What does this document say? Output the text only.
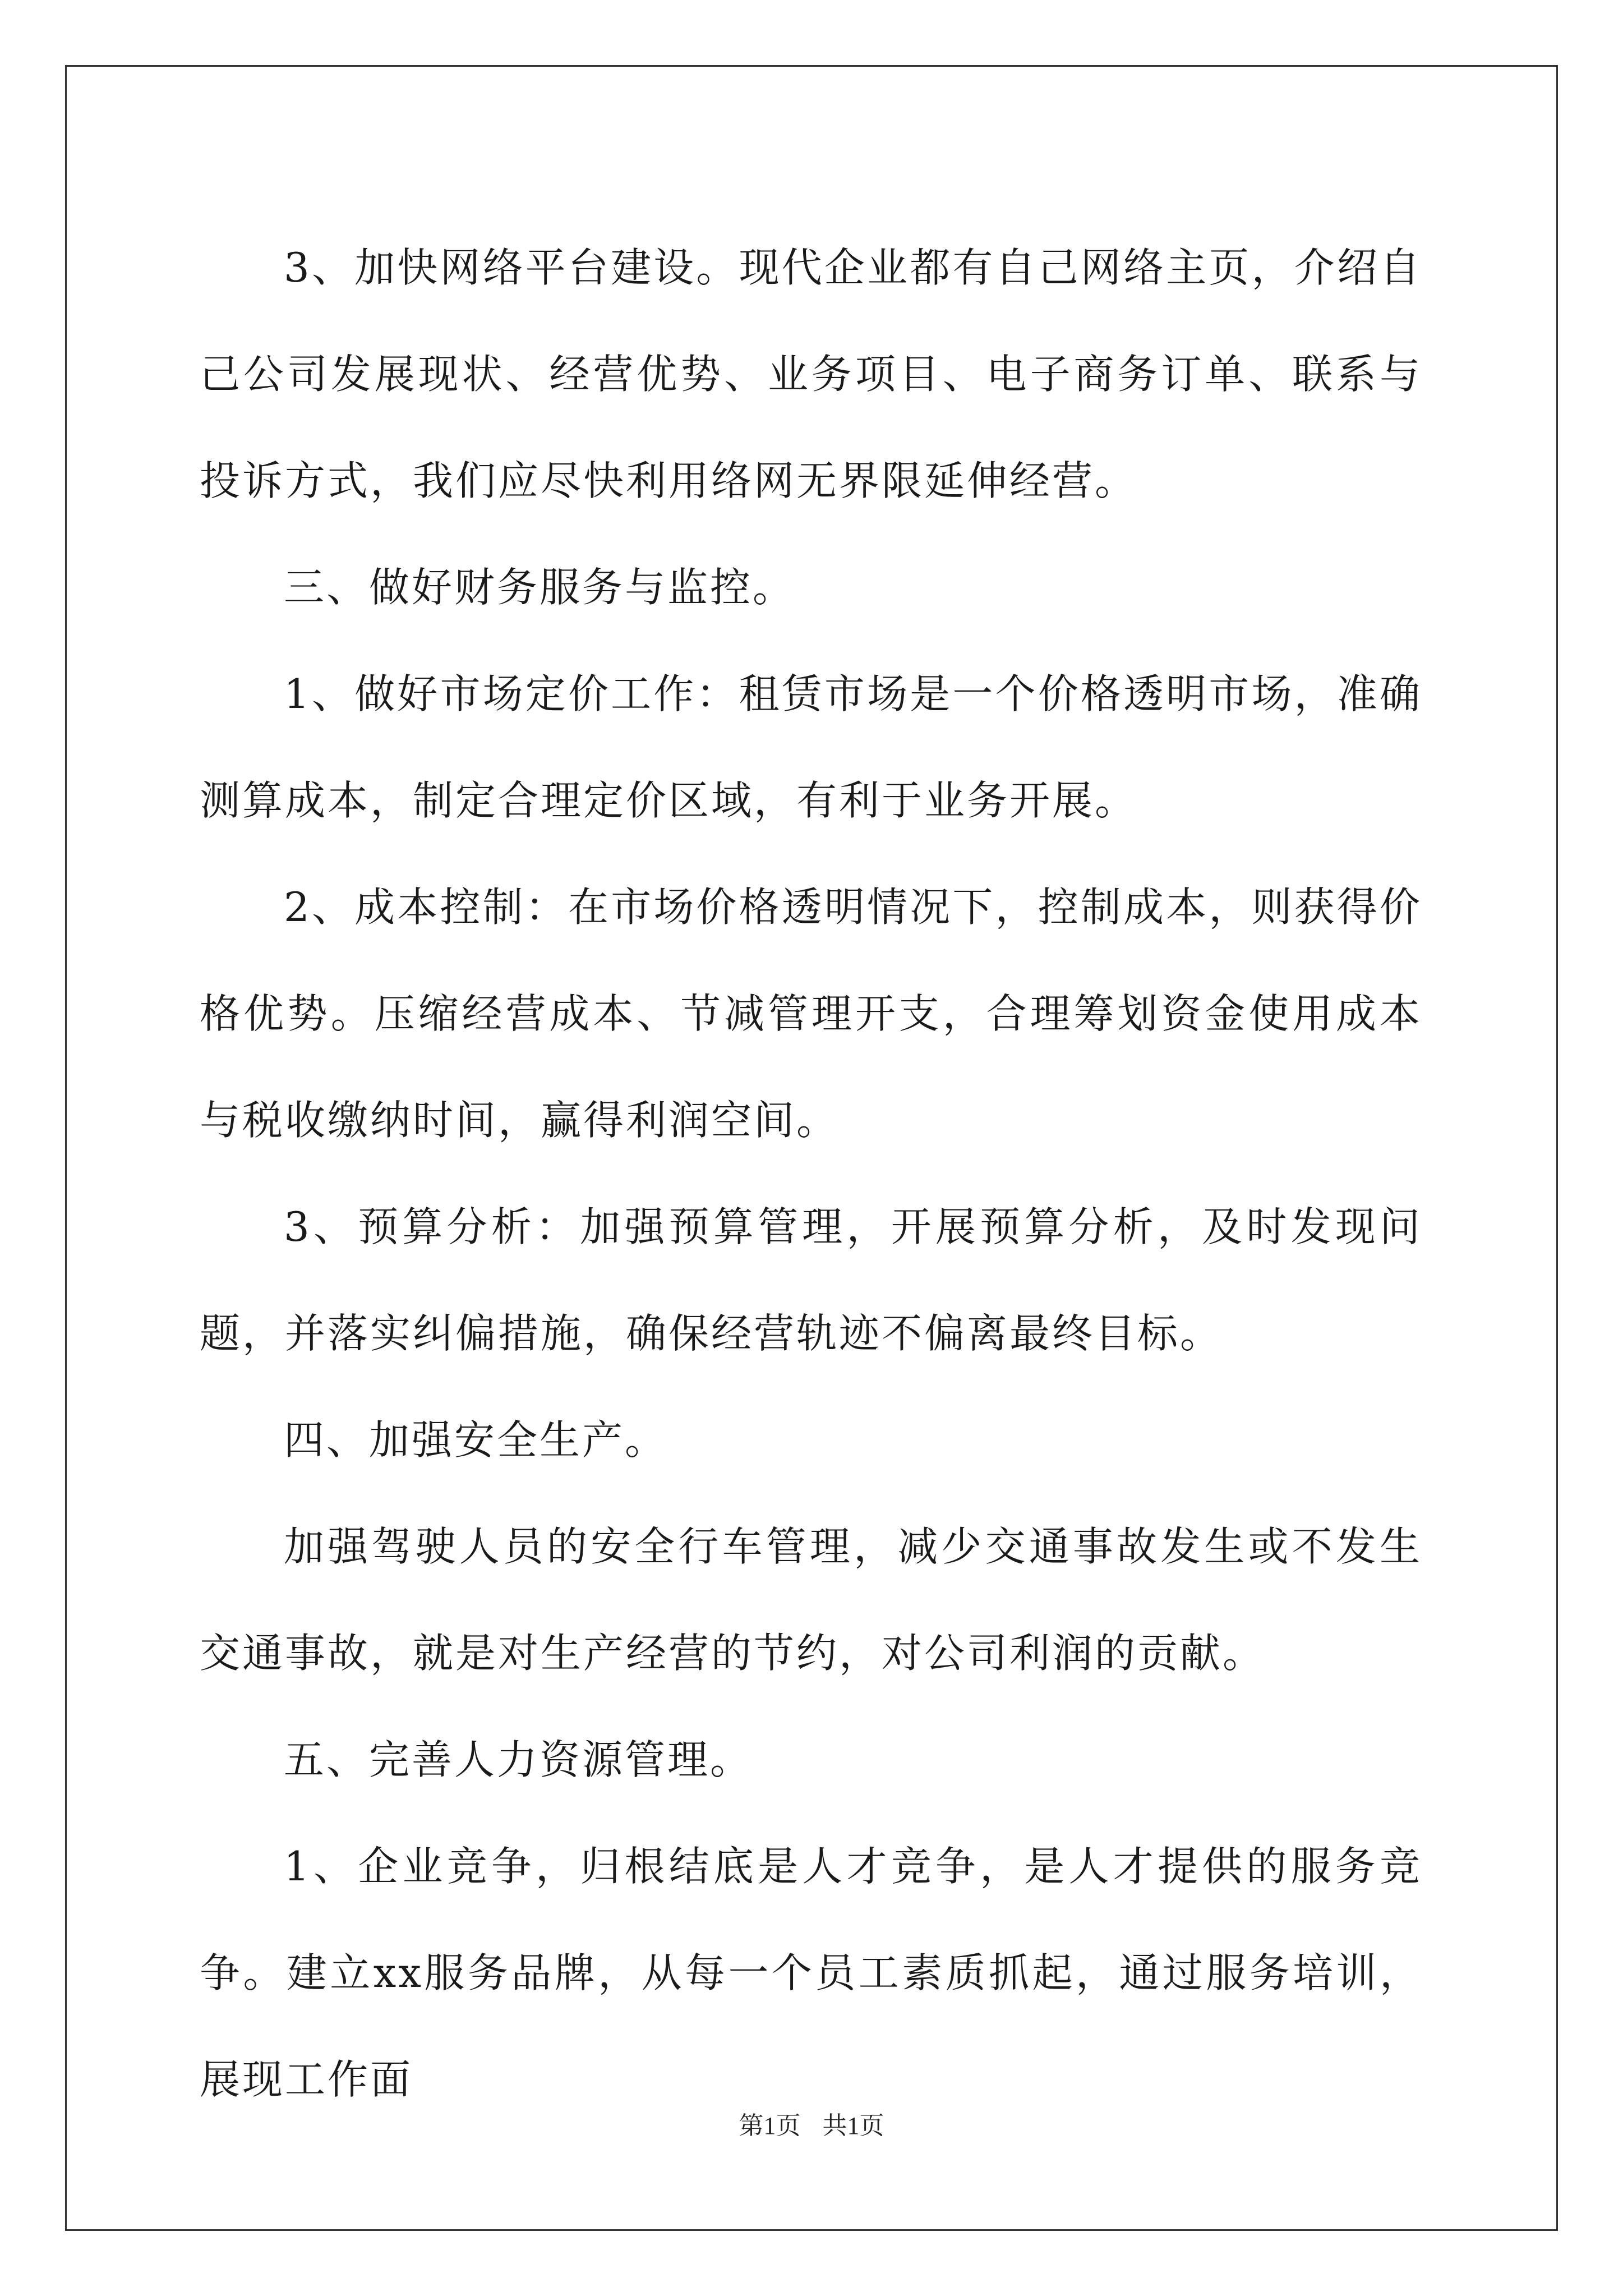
3、加快网络平台建设。现代企业都有自己网络主页，介绍自己公司发展现状、经营优势、业务项目、电子商务订单、联系与投诉方式，我们应尽快利用络网无界限延伸经营。

三、做好财务服务与监控。

1、做好市场定价工作：租赁市场是一个价格透明市场，准确测算成本，制定合理定价区域，有利于业务开展。

2、成本控制：在市场价格透明情况下，控制成本，则获得价格优势。压缩经营成本、节减管理开支，合理筹划资金使用成本与税收缴纳时间，赢得利润空间。

3、预算分析：加强预算管理，开展预算分析，及时发现问题，并落实纠偏措施，确保经营轨迹不偏离最终目标。

四、加强安全生产。

加强驾驶人员的安全行车管理，减少交通事故发生或不发生交通事故，就是对生产经营的节约，对公司利润的贡献。

五、完善人力资源管理。

1、企业竞争，归根结底是人才竞争，是人才提供的服务竞争。建立xx服务品牌，从每一个员工素质抓起，通过服务培训，展现工作面

第1页 共1页
